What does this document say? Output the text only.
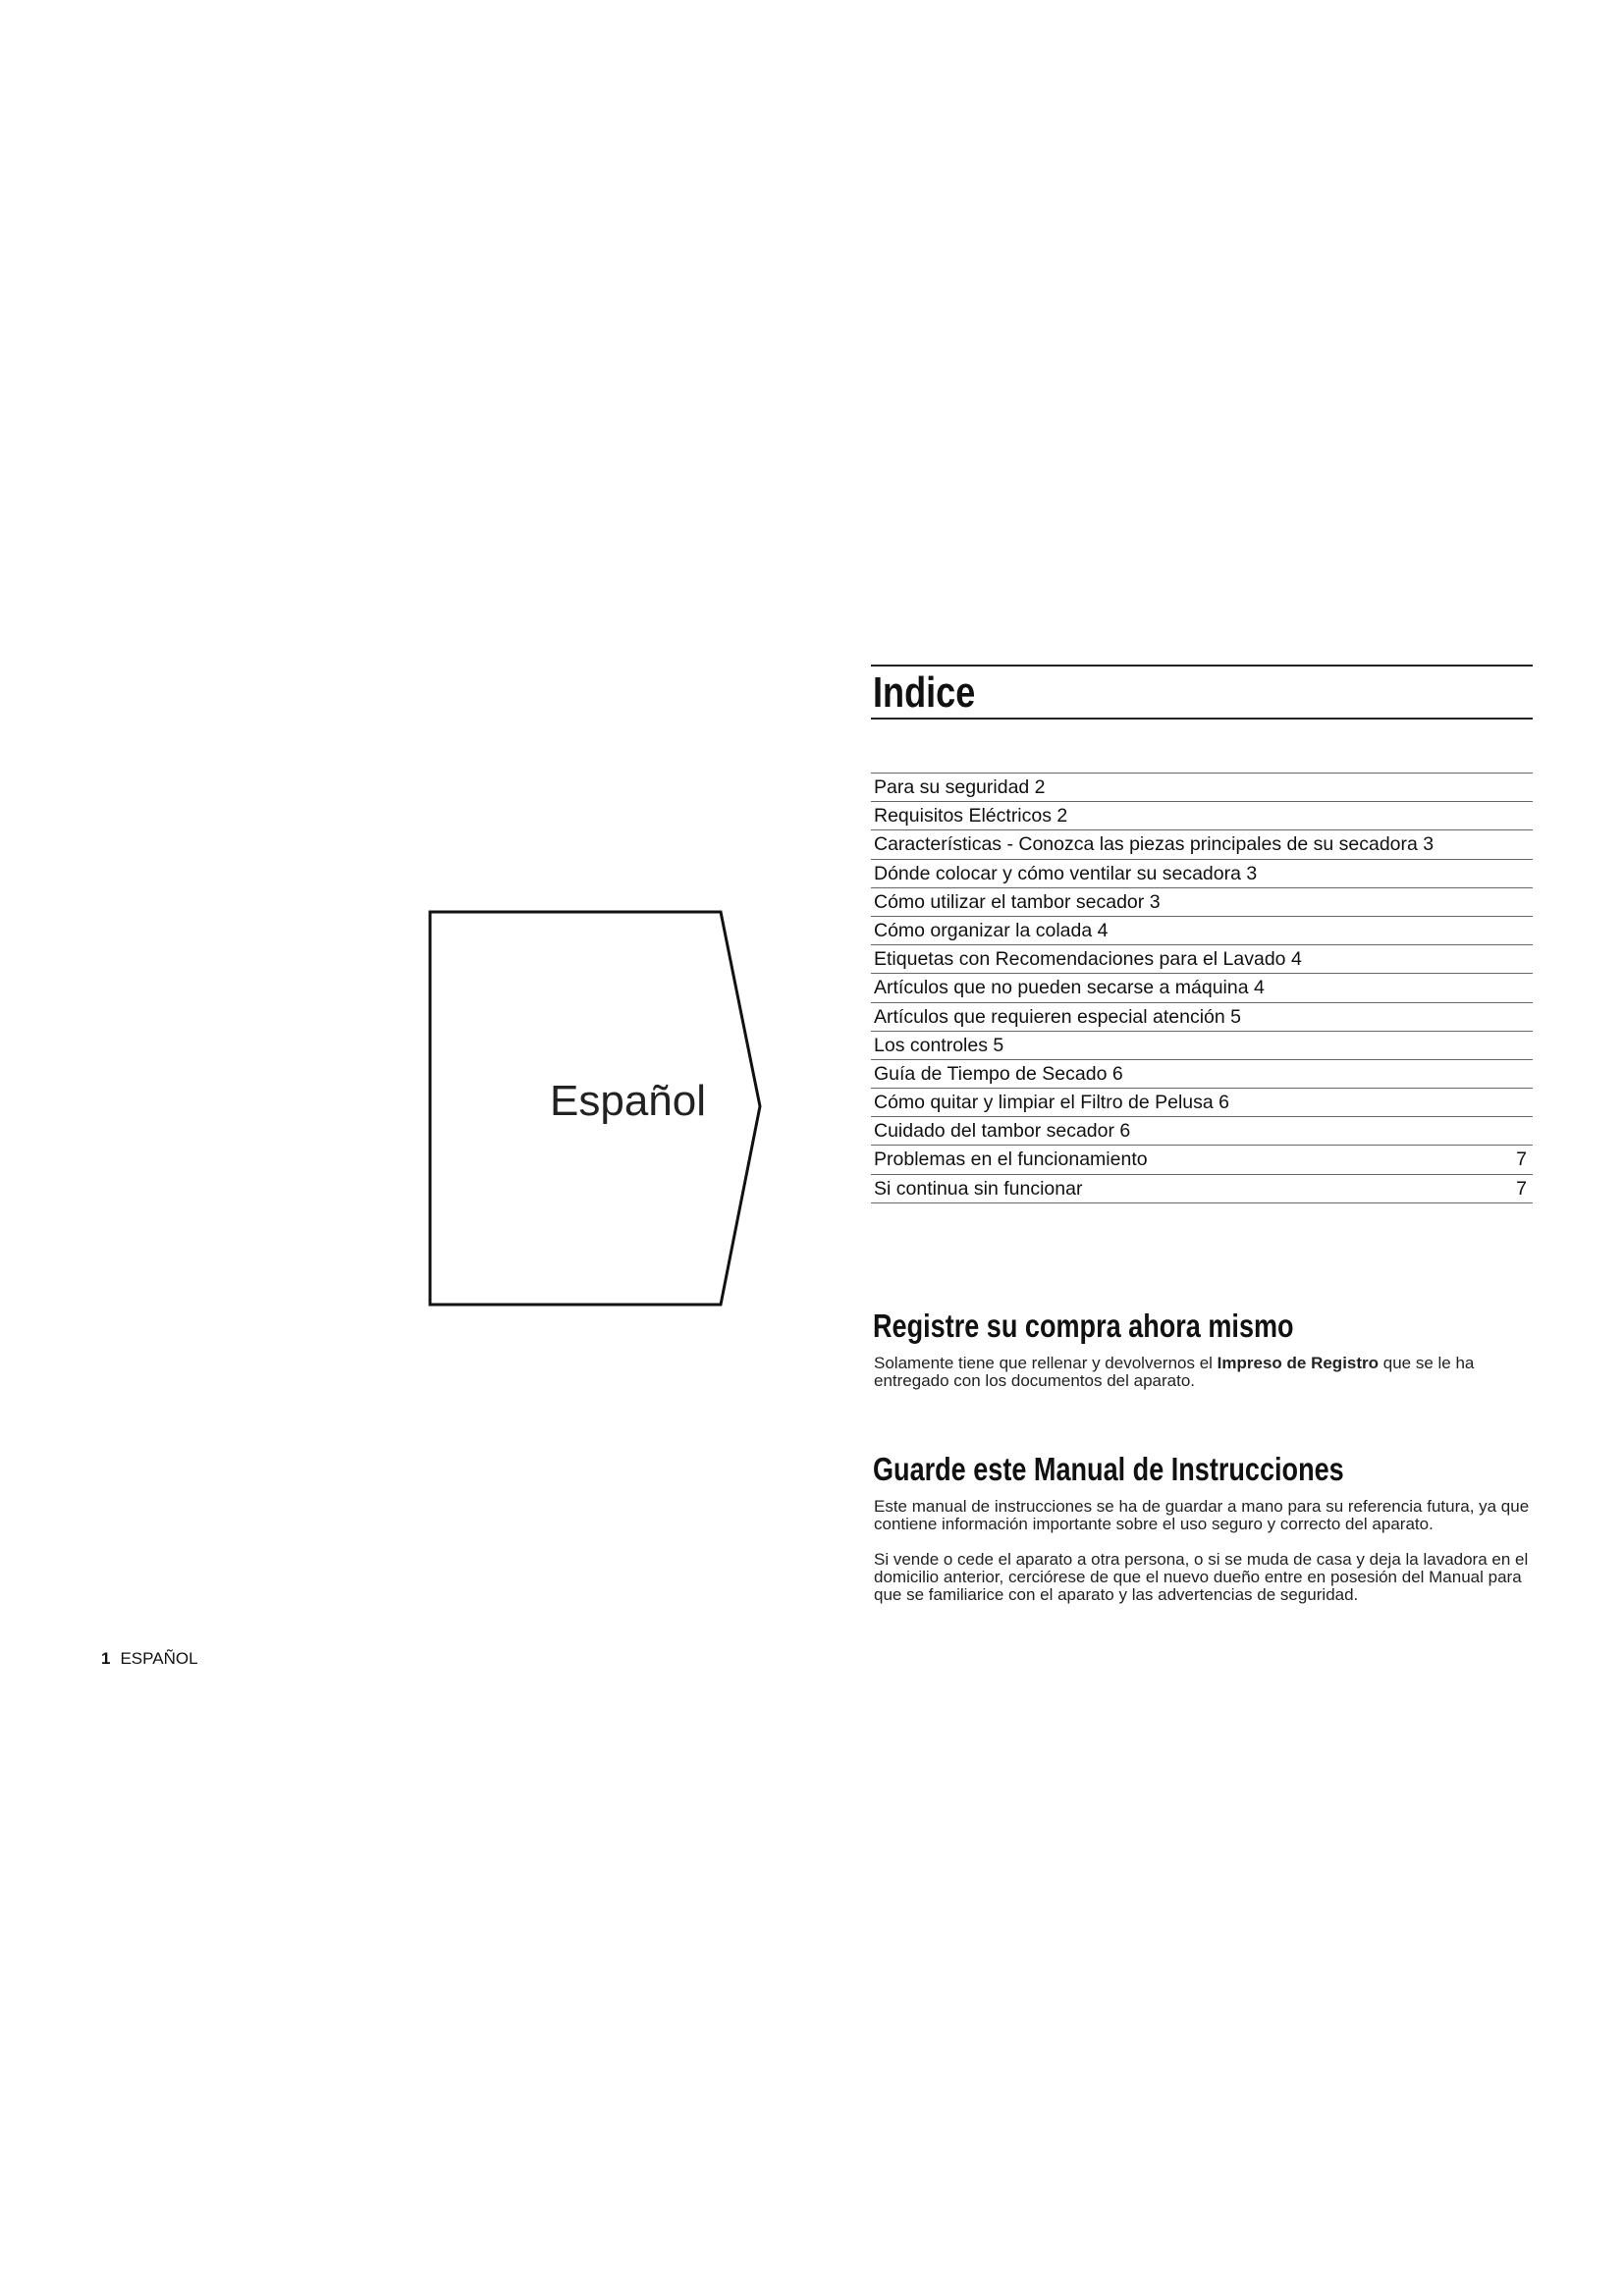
Español
Indice
Para su seguridad 2
Requisitos Eléctricos 2
Características - Conozca las piezas principales de su secadora 3
Dónde colocar y cómo ventilar su secadora 3
Cómo utilizar el tambor secador 3
Cómo organizar la colada 4
Etiquetas con Recomendaciones para el Lavado 4
Artículos que no pueden secarse a máquina 4
Artículos que requieren especial atención 5
Los controles 5
Guía de Tiempo de Secado 6
Cómo quitar y limpiar el Filtro de Pelusa 6
Cuidado del tambor secador 6
Problemas en el funcionamiento	7
Si continua sin funcionar	7
Registre su compra ahora mismo
Solamente tiene que rellenar y devolvernos el Impreso de Registro que se le ha entregado con los documentos del aparato.
Guarde este Manual de Instrucciones
Este manual de instrucciones se ha de guardar a mano para su referencia futura, ya que contiene información importante sobre el uso seguro y correcto del aparato.
Si vende o cede el aparato a otra persona, o si se muda de casa y deja la lavadora en el domicilio anterior, cerciórese de que el nuevo dueño entre en posesión del Manual para que se familiarice con el aparato y las advertencias de seguridad.
1 ESPAÑOL
